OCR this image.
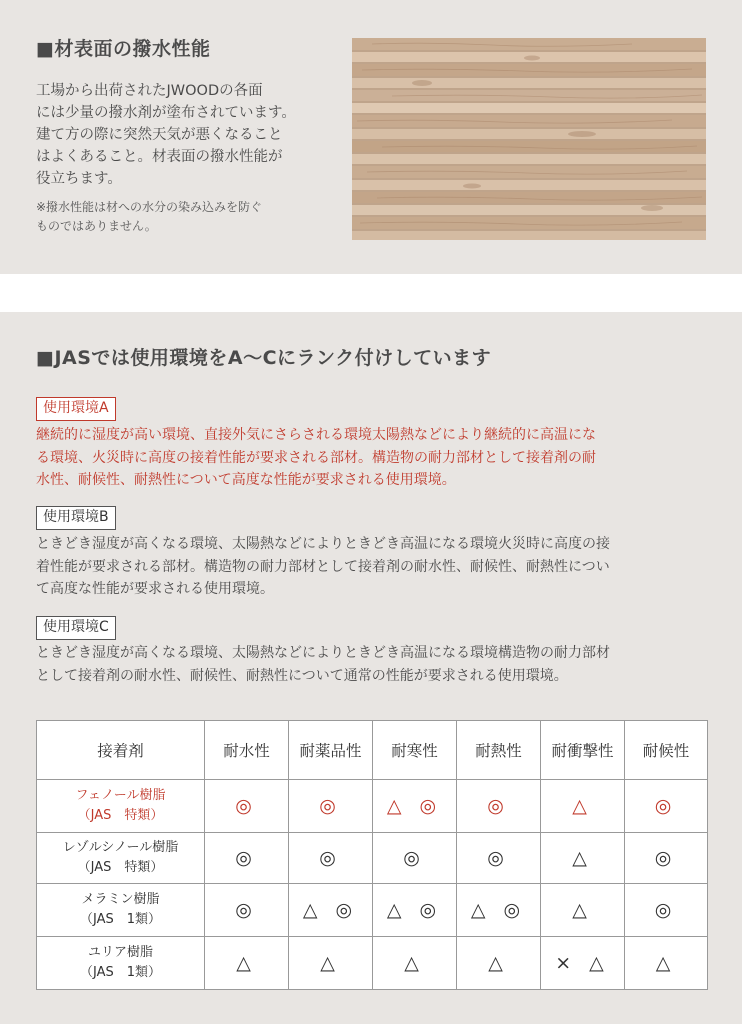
■材表面の撥水性能
工場から出荷されたJWOODの各面
には少量の撥水剤が塗布されています。
建て方の際に突然天気が悪くなること
はよくあること。材表面の撥水性能が
役立ちます。
※撥水性能は材への水分の染み込みを防ぐ
ものではありません。
■JASでは使用環境をA〜Cにランク付けしています
使用環境A
継続的に湿度が高い環境、直接外気にさらされる環境太陽熱などにより継続的に高温にな
る環境、火災時に高度の接着性能が要求される部材。構造物の耐力部材として接着剤の耐
水性、耐候性、耐熱性について高度な性能が要求される使用環境。
使用環境B
ときどき湿度が高くなる環境、太陽熱などによりときどき高温になる環境火災時に高度の接
着性能が要求される部材。構造物の耐力部材として接着剤の耐水性、耐候性、耐熱性につい
て高度な性能が要求される使用環境。
使用環境C
ときどき湿度が高くなる環境、太陽熱などによりときどき高温になる環境構造物の耐力部材
として接着剤の耐水性、耐候性、耐熱性について通常の性能が要求される使用環境。
接着剤	耐水性	耐薬品性	耐寒性	耐熱性	耐衝撃性	耐候性

フェノール樹脂
（JAS　特類）	◎	◎	△ ◎	◎	△	◎

レゾルシノール樹脂
（JAS　特類）	◎	◎	◎	◎	△	◎

メラミン樹脂
（JAS　1類）	◎	△ ◎	△ ◎	△ ◎	△	◎

ユリア樹脂
（JAS　1類）	△	△	△	△	× △	△
